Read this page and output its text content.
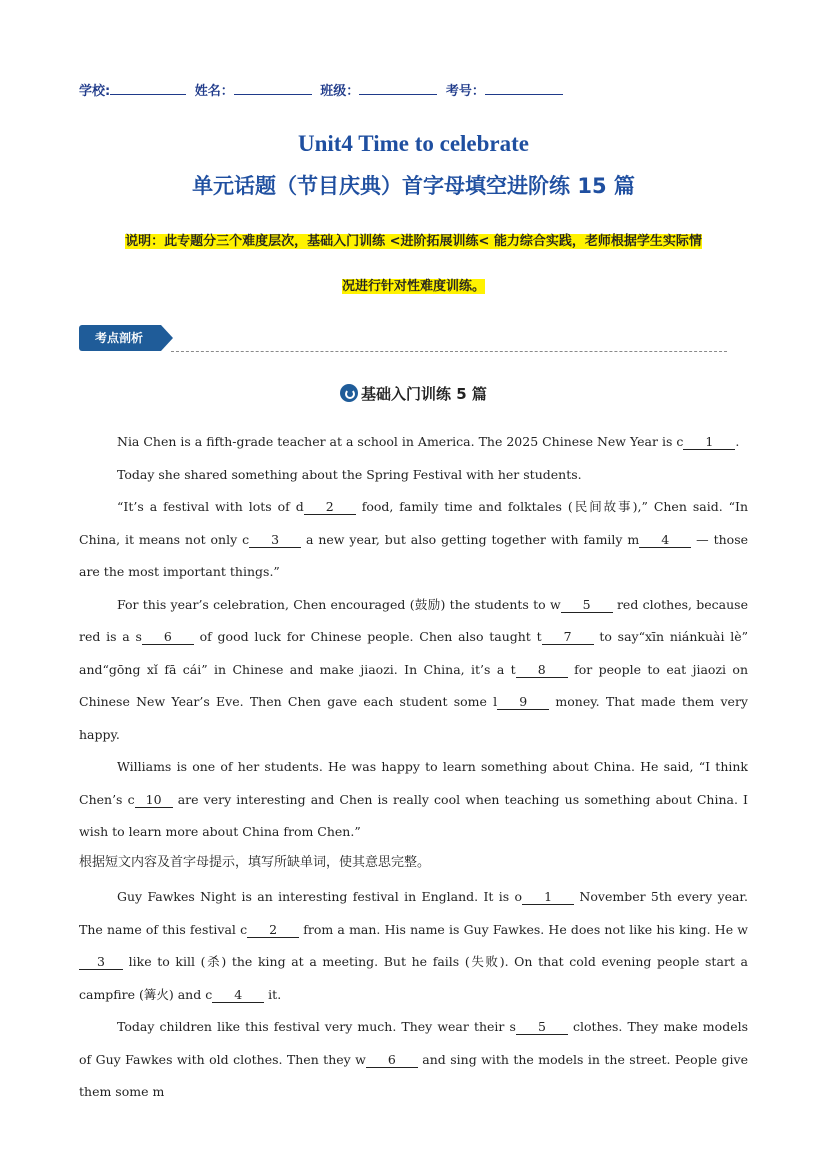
学校:	姓名：	班级：	考号：
Unit4 Time to celebrate
单元话题（节目庆典）首字母填空进阶练 15 篇
说明：此专题分三个难度层次，基础入门训练 <进阶拓展训练< 能力综合实践，老师根据学生实际情
况进行针对性难度训练。
考点剖析
基础入门训练 5 篇

Nia Chen is a fifth-grade teacher at a school in America. The 2025 Chinese New Year is c 1 .

Today she shared something about the Spring Festival with her students.

“It’s a festival with lots of d 2 food, family time and folktales (民间故事),” Chen said. “In China, it means not only c 3 a new year, but also getting together with family m 4 — those are the most important things.”

For this year’s celebration, Chen encouraged (鼓励) the students to w 5 red clothes, because red is a s 6 of good luck for Chinese people. Chen also taught t 7 to say“xīn niánkuài lè” and“gōng xǐ fā cái” in Chinese and make jiaozi. In China, it’s a t 8 for people to eat jiaozi on Chinese New Year’s Eve. Then Chen gave each student some l 9 money. That made them very happy.

Williams is one of her students. He was happy to learn something about China. He said, “I think Chen’s c 10 are very interesting and Chen is really cool when teaching us something about China. I wish to learn more about China from Chen.”

根据短文内容及首字母提示，填写所缺单词，使其意思完整。

Guy Fawkes Night is an interesting festival in England. It is o 1 November 5th every year. The name of this festival c 2 from a man. His name is Guy Fawkes. He does not like his king. He w3 like to kill (杀) the king at a meeting. But he fails (失败). On that cold evening people start a campfire (篝火) and c 4 it.

Today children like this festival very much. They wear their s 5 clothes. They make models of Guy Fawkes with old clothes. Then they w 6 and sing with the models in the street. People give them some m
